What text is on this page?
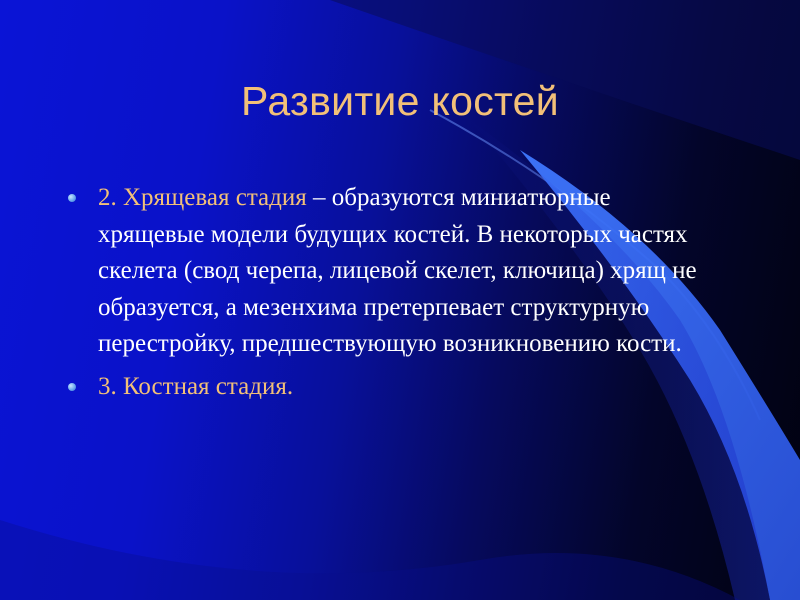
Развитие костей
2. Хрящевая стадия – образуются миниатюрные хрящевые модели будущих костей. В некоторых частях скелета (свод черепа, лицевой скелет, ключица) хрящ не образуется, а мезенхима претерпевает структурную перестройку, предшествующую возникновению кости.
3. Костная стадия.
